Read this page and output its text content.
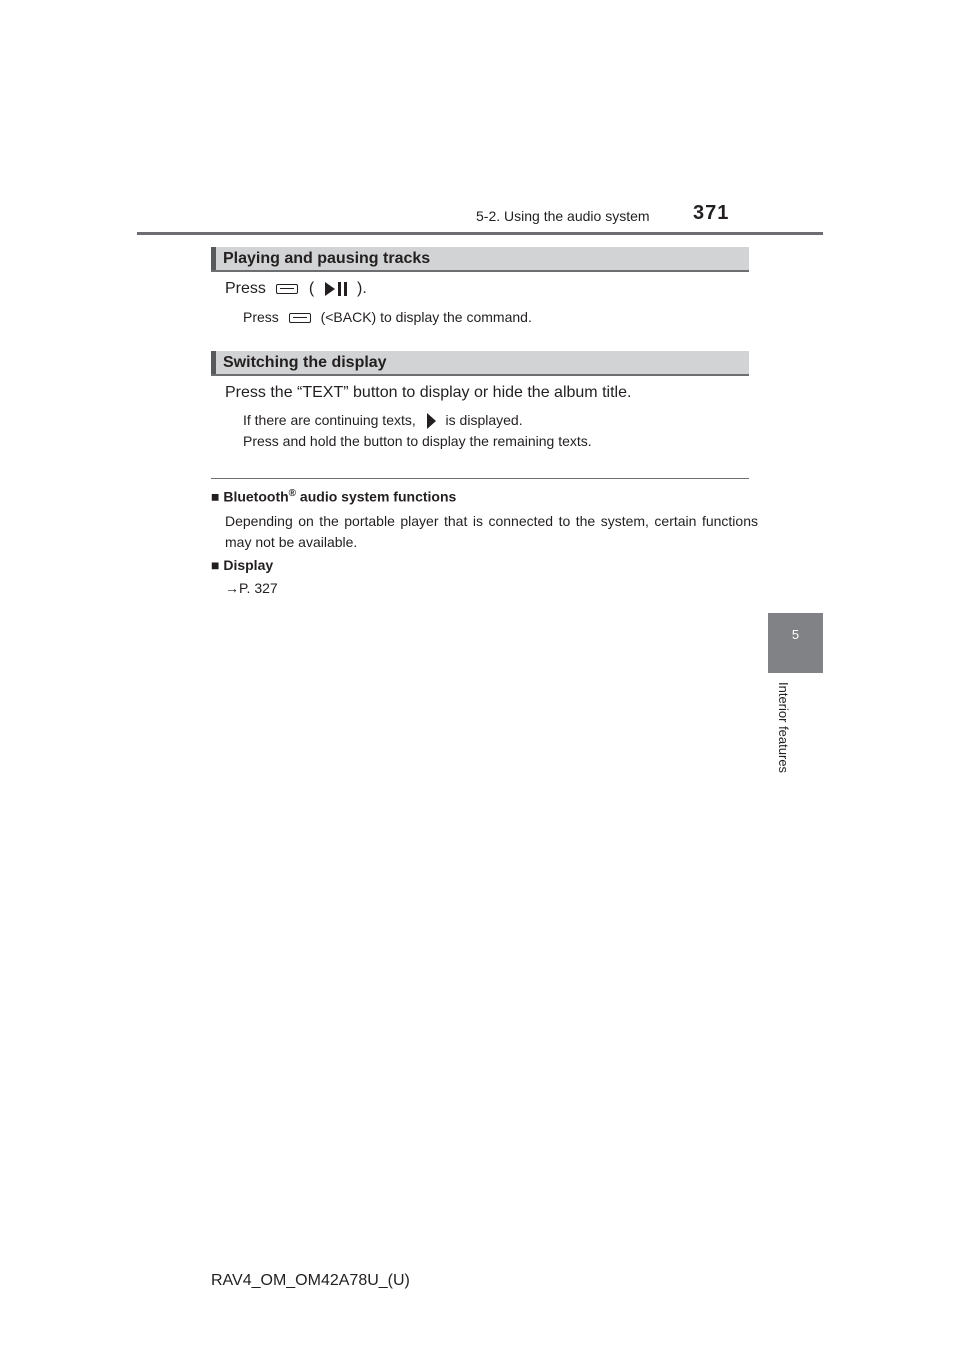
5-2. Using the audio system 371
5
Interior features
Playing and pausing tracks
Press	(	).
Press	(<BACK) to display the command.
Switching the display
Press the “TEXT” button to display or hide the album title.
If there are continuing texts, is displayed.
Press and hold the button to display the remaining texts.
■ Bluetooth® audio system functions
Depending on the portable player that is connected to the system, certain functions may not be available.
■ Display
→P. 327
RAV4_OM_OM42A78U_(U)
